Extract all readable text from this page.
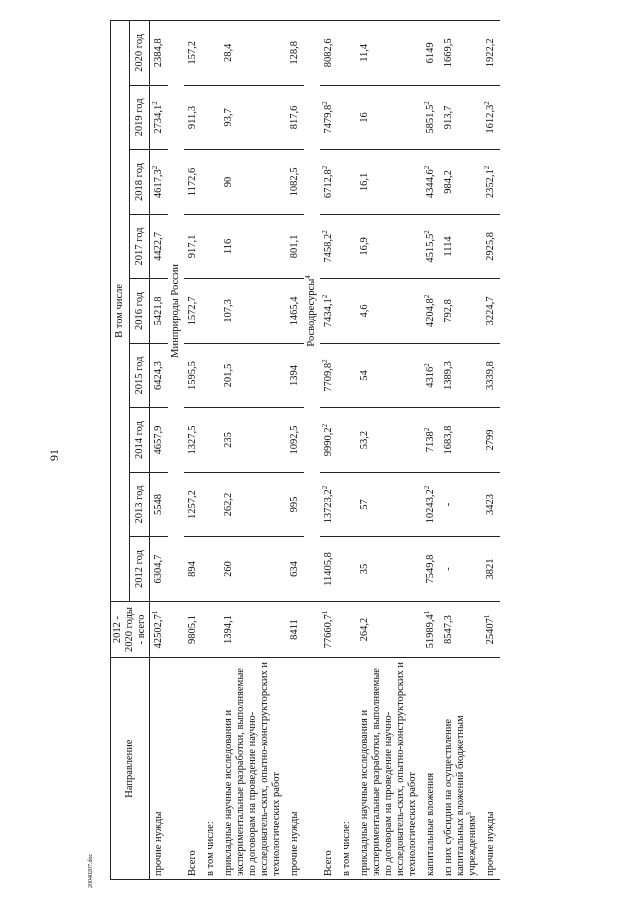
91
20040207.doc
Направление	2012 - 2020 годы - всего	В том числе								
		2012 год	2013 год	2014 год	2015 год	2016 год	2017 год	2018 год	2019 год	2020 год
прочие нужды	42502,7$^1$	6304,7	5548	4657,9	6424,3	5421,8	4422,7	4617,3$^2$	2734,1$^2$	2384,8
		Минприроды России								
Всего	9805,1	894	1257,2	1327,5	1595,5	1572,7	917,1	1172,6	911,3	157,2
в том числе:										
прикладные научные исследования и экспериментальные разработки, выполняемые по договорам на проведение научно-исследователь-ских, опытно-конструкторских и технологических работ	1394,1	260	262,2	235	201,5	107,3	116	90	93,7	28,4
прочие нужды	8411	634	995	1092,5	1394	1465,4	801,1	1082,5	817,6	128,8
		Росводресурсы$^4$
Всего	77660,7$^1$	11405,8	13723,2$^2$	9990,2$^2$	7709,8$^2$	7434,1$^2$	7458,2$^2$	6712,8$^2$	7479,8$^2$	8082,6
в том числе:										
прикладные научные исследования и экспериментальные разработки, выполняемые по договорам на проведение научно-исследователь-ских, опытно-конструкторских и технологических работ	264,2	35	57	53,2	54	4,6	16,9	16,1	16	11,4
капитальные вложения	51989,4$^1$	7549,8	10243,2$^2$	7138$^2$	4316$^2$	4204,8$^2$	4515,5$^2$	4344,6$^2$	5851,5$^2$	6149
из них субсидии на осуществление капитальных вложений бюджетным учреждениям$^3$	8547,3	-	-	1683,8	1389,3	792,8	1114	984,2	913,7	1669,5
прочие нужды	25407$^1$	3821	3423	2799	3339,8	3224,7	2925,8	2352,1$^2$	1612,3$^2$	1922,2
